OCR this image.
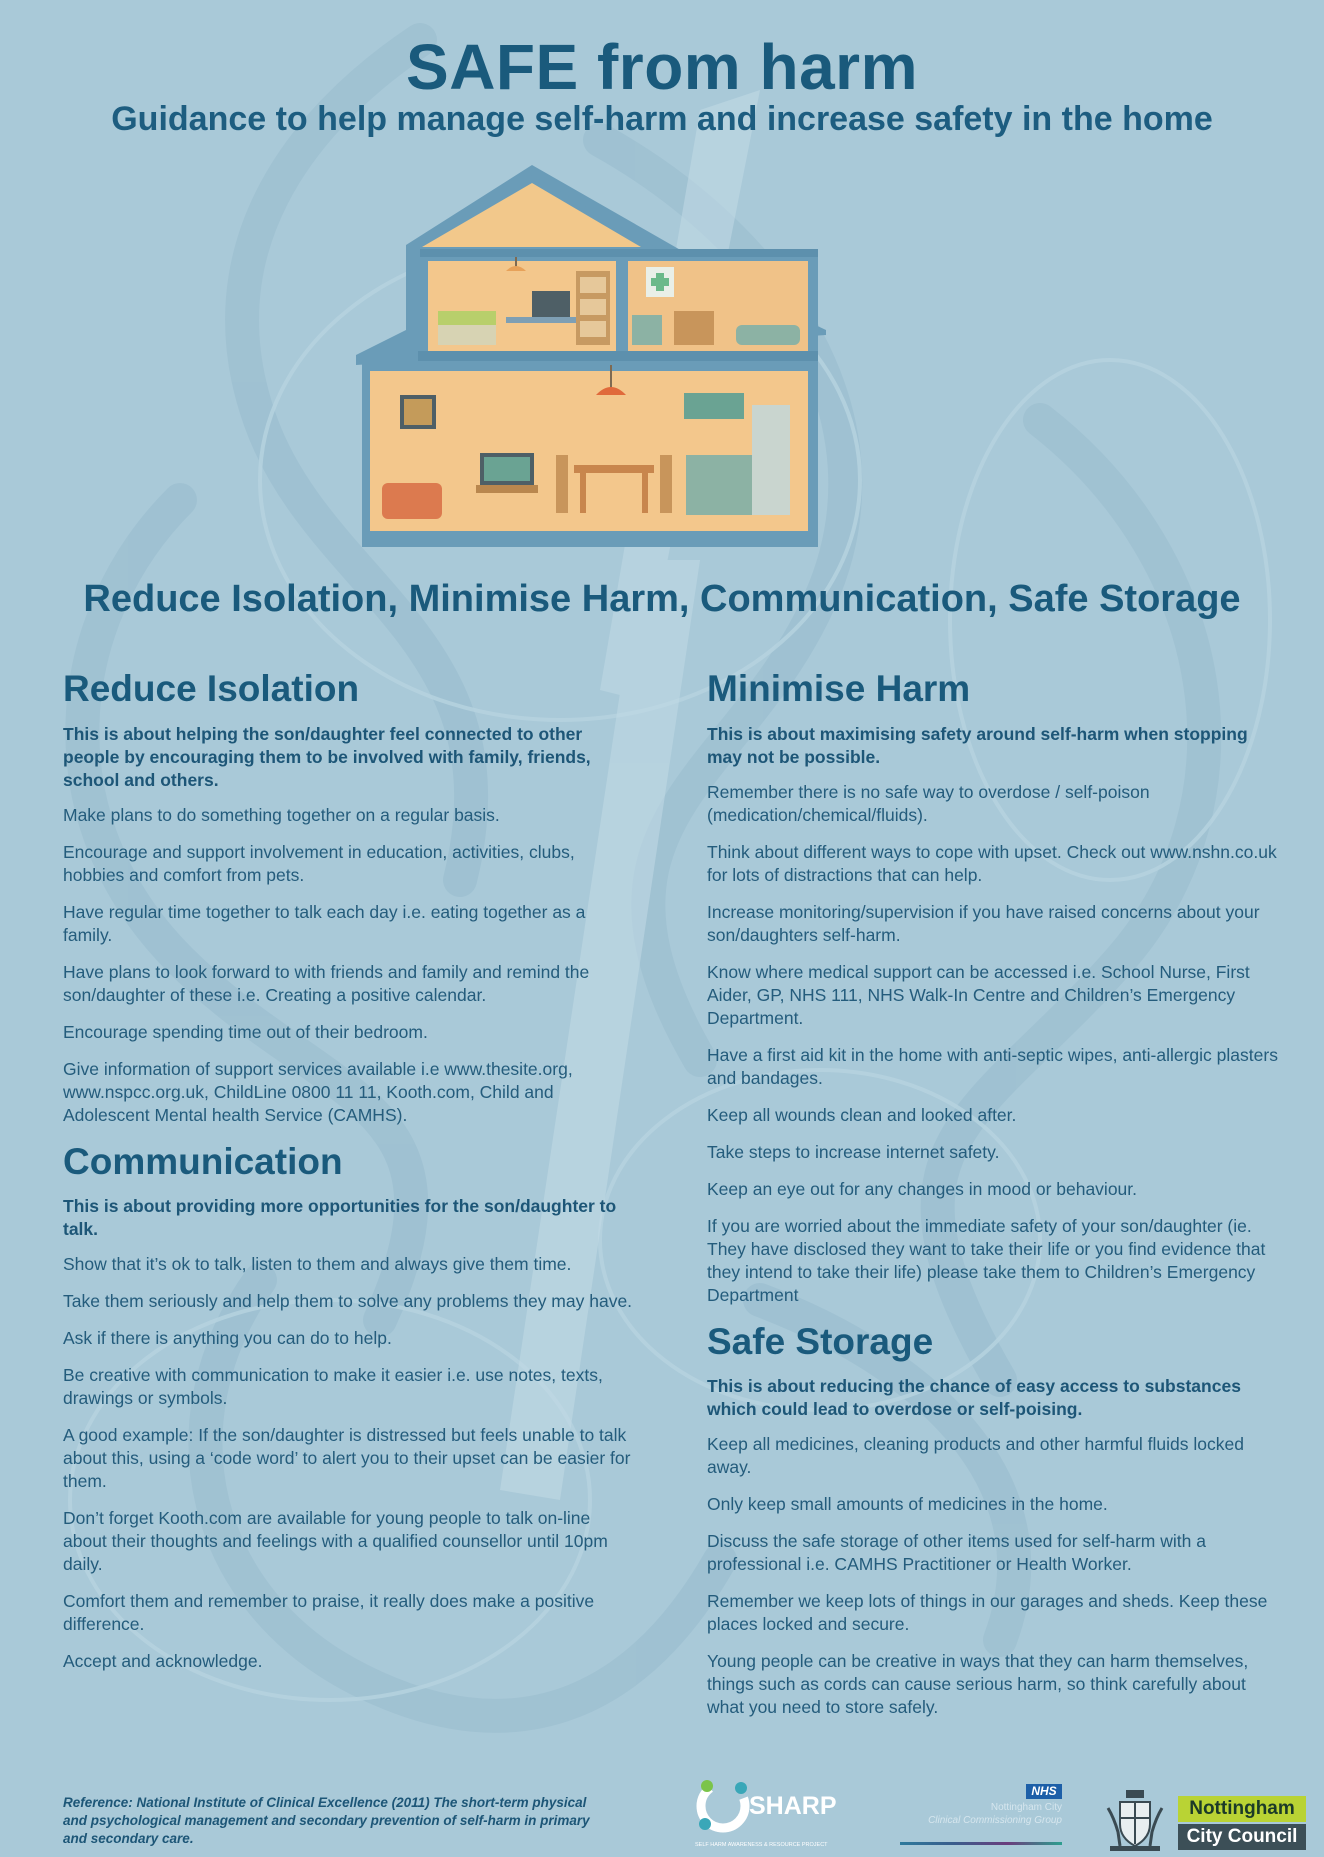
SAFE from harm
Guidance to help manage self-harm and increase safety in the home
Reduce Isolation, Minimise Harm, Communication, Safe Storage
Reduce Isolation

This is about helping the son/daughter feel connected to other people by encouraging them to be involved with family, friends, school and others.

Make plans to do something together on a regular basis.

Encourage and support involvement in education, activities, clubs, hobbies and comfort from pets.

Have regular time together to talk each day i.e. eating together as a family.

Have plans to look forward to with friends and family and remind the son/daughter of these i.e. Creating a positive calendar.

Encourage spending time out of their bedroom.

Give information of support services available i.e www.thesite.org, www.nspcc.org.uk, ChildLine 0800 11 11, Kooth.com, Child and Adolescent Mental health Service (CAMHS).

Communication

This is about providing more opportunities for the son/daughter to talk.

Show that it’s ok to talk, listen to them and always give them time.

Take them seriously and help them to solve any problems they may have.

Ask if there is anything you can do to help.

Be creative with communication to make it easier i.e. use notes, texts, drawings or symbols.

A good example: If the son/daughter is distressed but feels unable to talk about this, using a ‘code word’ to alert you to their upset can be easier for them.

Don’t forget Kooth.com are available for young people to talk on-line about their thoughts and feelings with a qualified counsellor until 10pm daily.

Comfort them and remember to praise, it really does make a positive difference.

Accept and acknowledge.

Minimise Harm

This is about maximising safety around self-harm when stopping may not be possible.

Remember there is no safe way to overdose / self-poison (medication/chemical/fluids).

Think about different ways to cope with upset. Check out www.nshn.co.uk for lots of distractions that can help.

Increase monitoring/supervision if you have raised concerns about your son/daughters self-harm.

Know where medical support can be accessed i.e. School Nurse, First Aider, GP, NHS 111, NHS Walk-In Centre and Children’s Emergency Department.

Have a first aid kit in the home with anti-septic wipes, anti-allergic plasters and bandages.

Keep all wounds clean and looked after.

Take steps to increase internet safety.

Keep an eye out for any changes in mood or behaviour.

If you are worried about the immediate safety of your son/daughter (ie. They have disclosed they want to take their life or you find evidence that they intend to take their life) please take them to Children’s Emergency Department

Safe Storage

This is about reducing the chance of easy access to substances which could lead to overdose or self-poising.

Keep all medicines, cleaning products and other harmful fluids locked away.

Only keep small amounts of medicines in the home.

Discuss the safe storage of other items used for self-harm with a professional i.e. CAMHS Practitioner or Health Worker.

Remember we keep lots of things in our garages and sheds. Keep these places locked and secure.

Young people can be creative in ways that they can harm themselves, things such as cords can cause serious harm, so think carefully about what you need to store safely.

Reference: National Institute of Clinical Excellence (2011) The short-term physical and psychological management and secondary prevention of self-harm in primary and secondary care.
SHARP
SELF HARM AWARENESS & RESOURCE PROJECT
NHS
Nottingham City
Clinical Commissioning Group
Nottingham
City Council
